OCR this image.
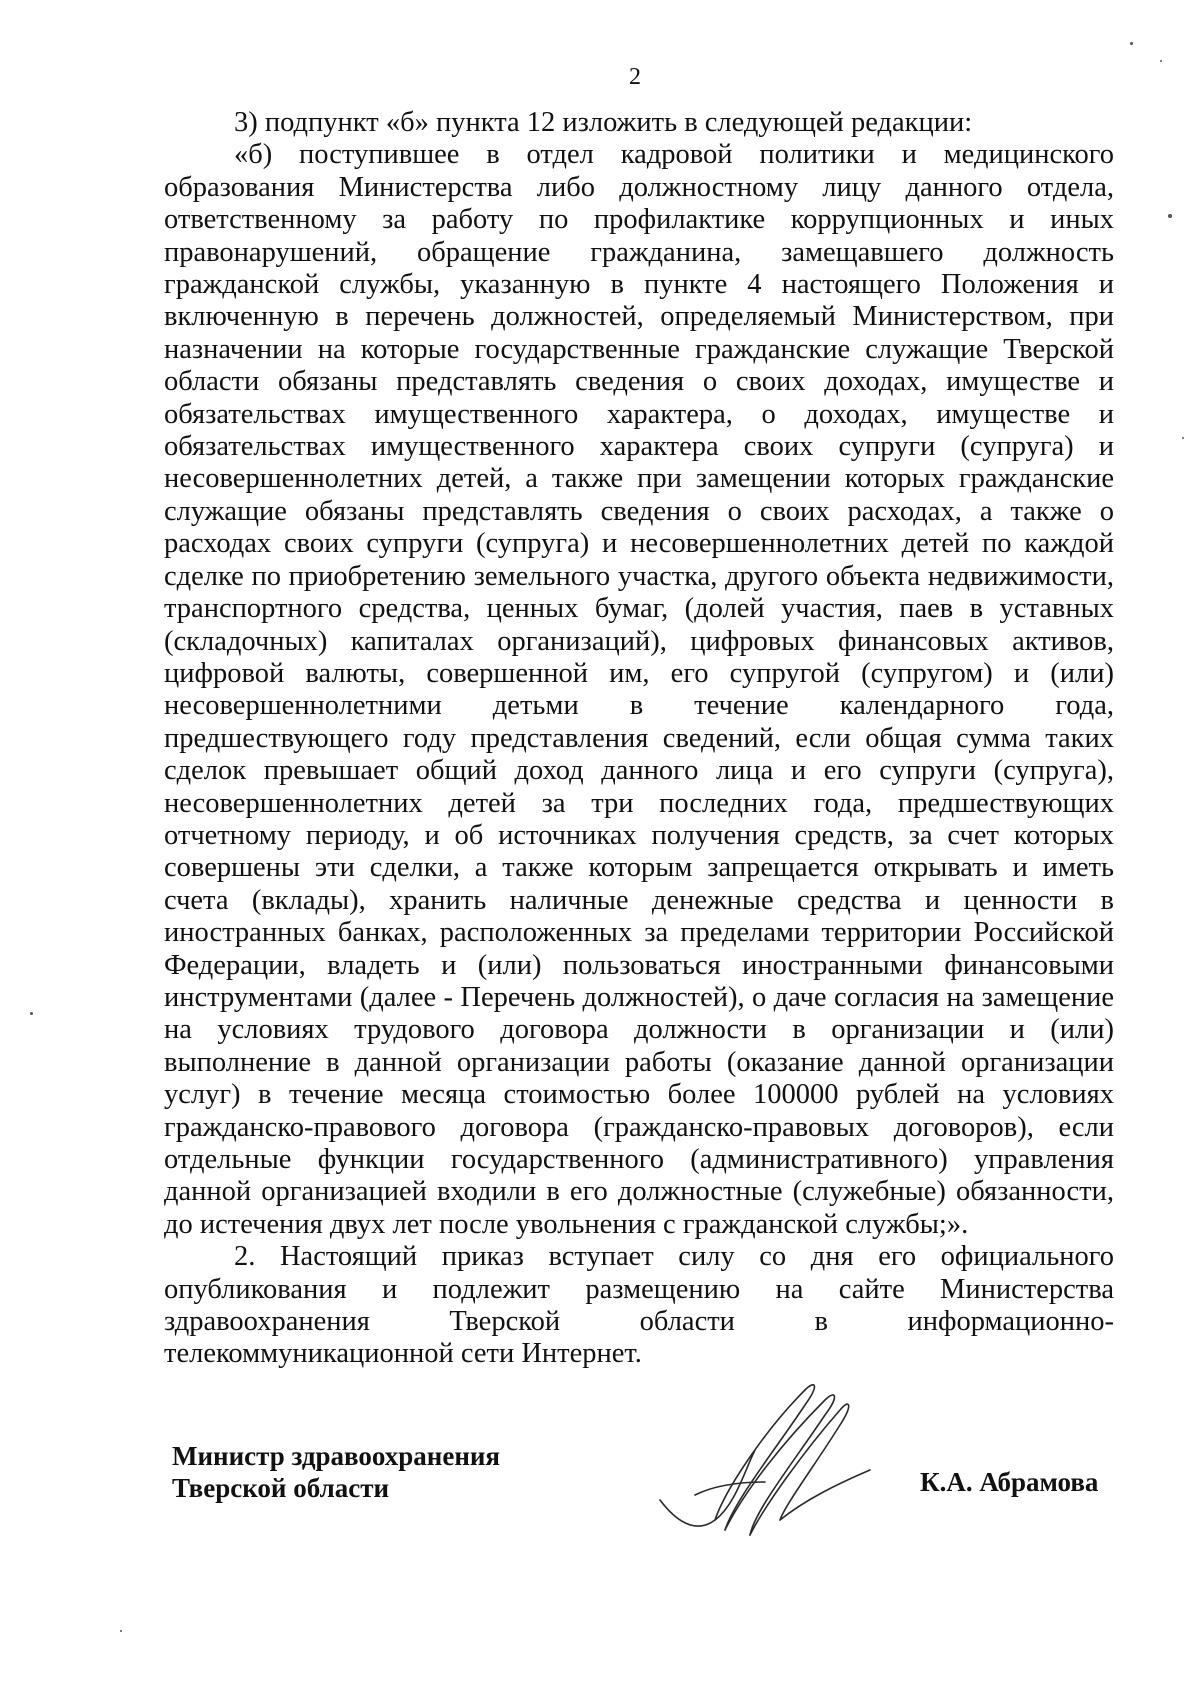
2

3) подпункт «б» пункта 12 изложить в следующей редакции:

«б) поступившее в отдел кадровой политики и медицинского образования Министерства либо должностному лицу данного отдела, ответственному за работу по профилактике коррупционных и иных правонарушений, обращение гражданина, замещавшего должность гражданской службы, указанную в пункте 4 настоящего Положения и включенную в перечень должностей, определяемый Министерством, при назначении на которые государственные гражданские служащие Тверской области обязаны представлять сведения о своих доходах, имуществе и обязательствах имущественного характера, о доходах, имуществе и обязательствах имущественного характера своих супруги (супруга) и несовершеннолетних детей, а также при замещении которых гражданские служащие обязаны представлять сведения о своих расходах, а также о расходах своих супруги (супруга) и несовершеннолетних детей по каждой сделке по приобретению земельного участка, другого объекта недвижимости, транспортного средства, ценных бумаг, (долей участия, паев в уставных (складочных) капиталах организаций), цифровых финансовых активов, цифровой валюты, совершенной им, его супругой (супругом) и (или) несовершеннолетними детьми в течение календарного года, предшествующего году представления сведений, если общая сумма таких сделок превышает общий доход данного лица и его супруги (супруга), несовершеннолетних детей за три последних года, предшествующих отчетному периоду, и об источниках получения средств, за счет которых совершены эти сделки, а также которым запрещается открывать и иметь счета (вклады), хранить наличные денежные средства и ценности в иностранных банках, расположенных за пределами территории Российской Федерации, владеть и (или) пользоваться иностранными финансовыми инструментами (далее - Перечень должностей), о даче согласия на замещение на условиях трудового договора должности в организации и (или) выполнение в данной организации работы (оказание данной организации услуг) в течение месяца стоимостью более 100000 рублей на условиях гражданско-правового договора (гражданско-правовых договоров), если отдельные функции государственного (административного) управления данной организацией входили в его должностные (служебные) обязанности, до истечения двух лет после увольнения с гражданской службы;».

2. Настоящий приказ вступает силу со дня его официального опубликования и подлежит размещению на сайте Министерства здравоохранения Тверской области в информационно-телекоммуникационной сети Интернет.

Министр здравоохранения
Тверской области	К.А. Абрамова
